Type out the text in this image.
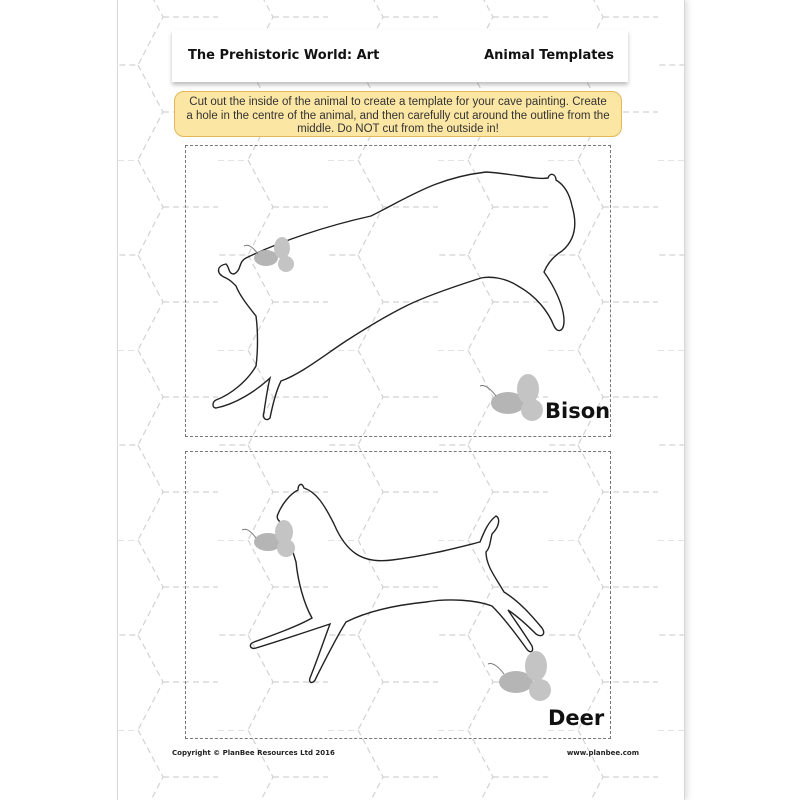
The Prehistoric World: Art	Animal Templates
Cut out the inside of the animal to create a template for your cave painting. Create a hole in the centre of the animal, and then carefully cut around the outline from the middle. Do NOT cut from the outside in!
Bison
Deer
Copyright © PlanBee Resources Ltd 2016	www.planbee.com
